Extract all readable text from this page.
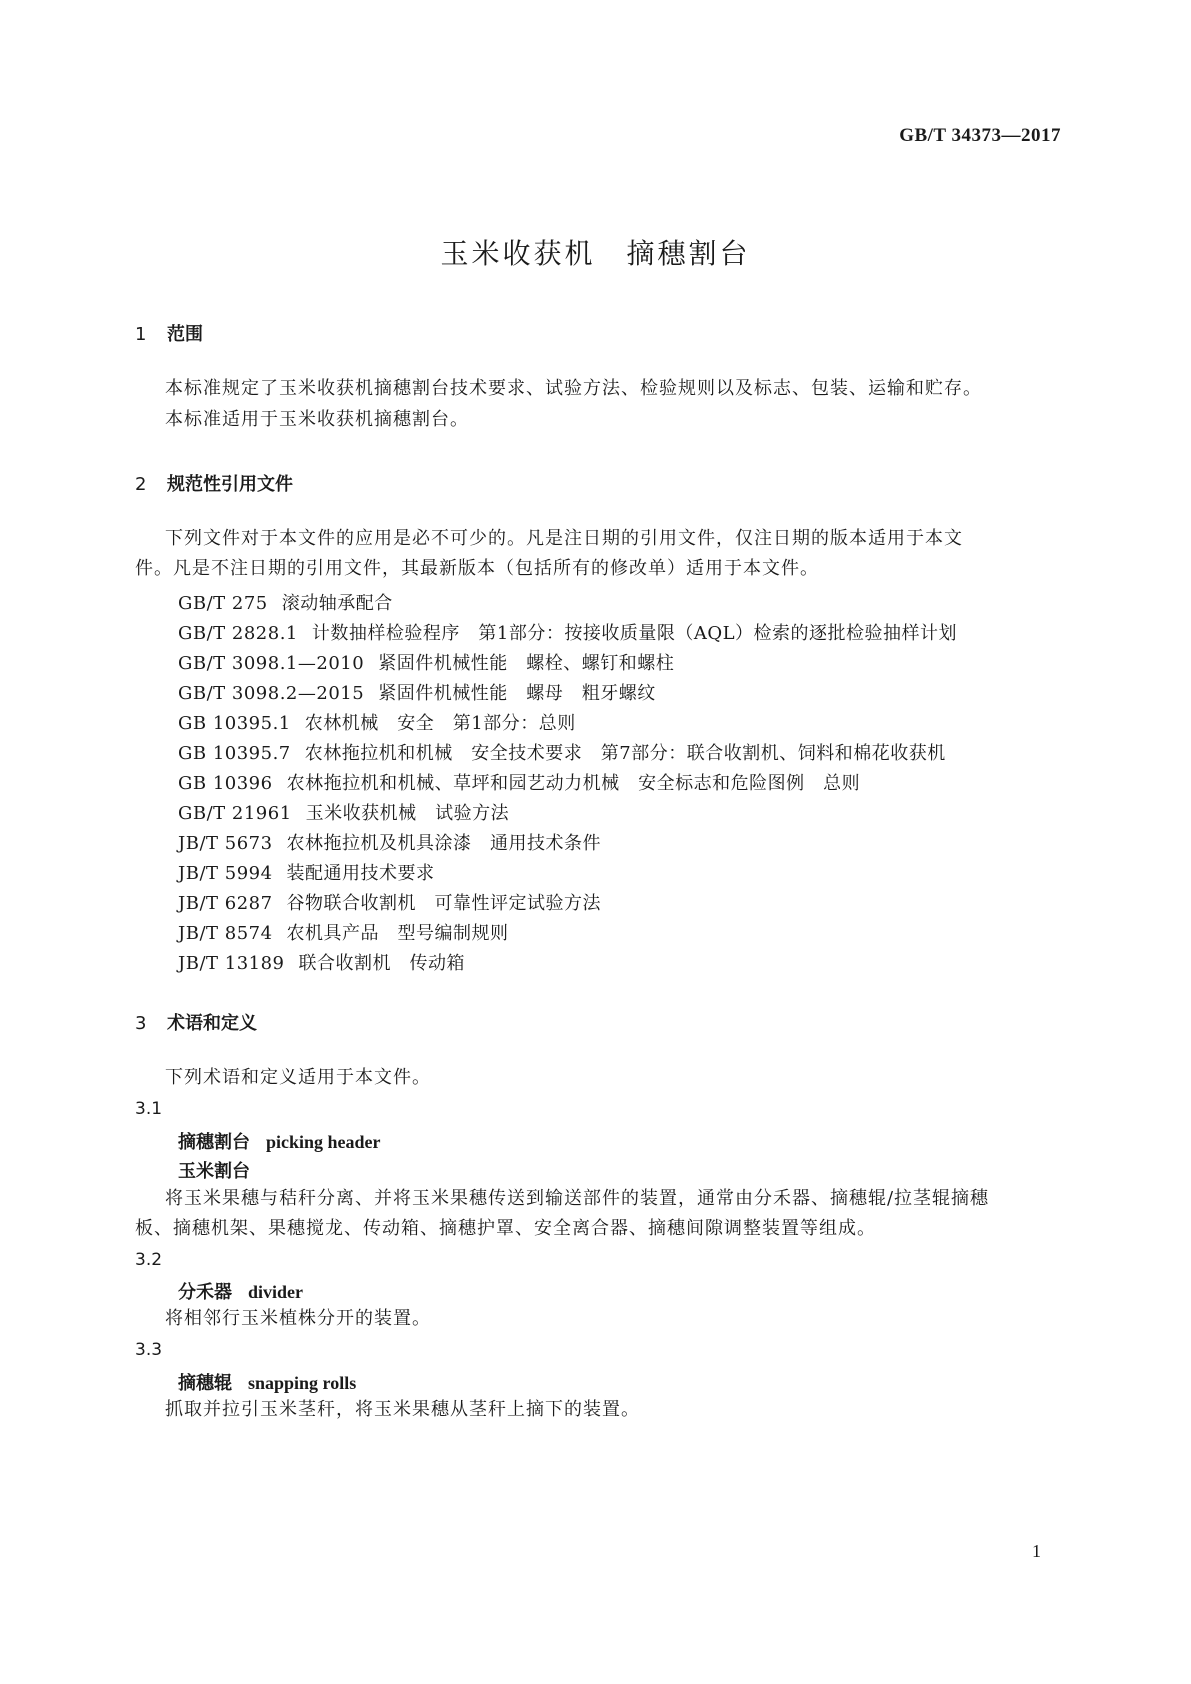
GB/T 34373—2017
玉米收获机　摘穗割台
1 范围
本标准规定了玉米收获机摘穗割台技术要求、试验方法、检验规则以及标志、包装、运输和贮存。
本标准适用于玉米收获机摘穗割台。
2 规范性引用文件
下列文件对于本文件的应用是必不可少的。凡是注日期的引用文件，仅注日期的版本适用于本文
件。凡是不注日期的引用文件，其最新版本（包括所有的修改单）适用于本文件。
GB/T 275 滚动轴承配合
GB/T 2828.1 计数抽样检验程序　第1部分：按接收质量限（AQL）检索的逐批检验抽样计划
GB/T 3098.1—2010 紧固件机械性能　螺栓、螺钉和螺柱
GB/T 3098.2—2015 紧固件机械性能　螺母　粗牙螺纹
GB 10395.1 农林机械　安全　第1部分：总则
GB 10395.7 农林拖拉机和机械　安全技术要求　第7部分：联合收割机、饲料和棉花收获机
GB 10396 农林拖拉机和机械、草坪和园艺动力机械　安全标志和危险图例　总则
GB/T 21961 玉米收获机械　试验方法
JB/T 5673 农林拖拉机及机具涂漆　通用技术条件
JB/T 5994 装配通用技术要求
JB/T 6287 谷物联合收割机　可靠性评定试验方法
JB/T 8574 农机具产品　型号编制规则
JB/T 13189 联合收割机　传动箱
3 术语和定义
下列术语和定义适用于本文件。
3.1
摘穗割台 picking header
玉米割台
将玉米果穗与秸秆分离、并将玉米果穗传送到输送部件的装置，通常由分禾器、摘穗辊/拉茎辊摘穗
板、摘穗机架、果穗搅龙、传动箱、摘穗护罩、安全离合器、摘穗间隙调整装置等组成。
3.2
分禾器 divider
将相邻行玉米植株分开的装置。
3.3
摘穗辊 snapping rolls
抓取并拉引玉米茎秆，将玉米果穗从茎秆上摘下的装置。
1
